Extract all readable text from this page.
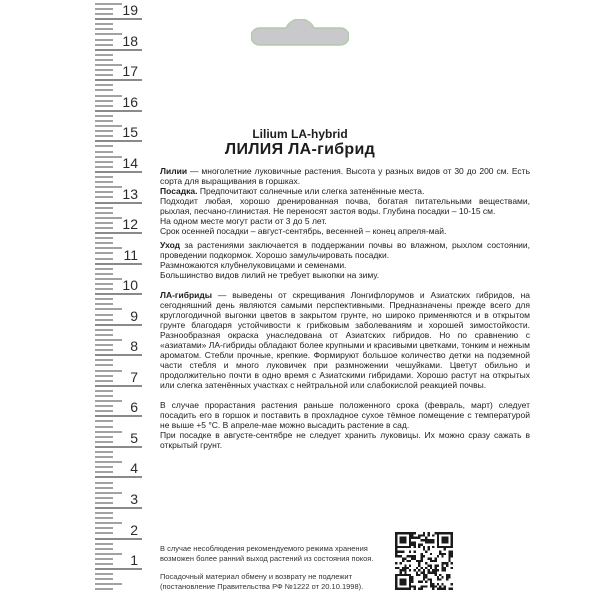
19
18
17
16
15
14
13
12
11
10
9
8
7
6
5
4
3
2
1
Lilium LA-hybrid
ЛИЛИЯ ЛА-гибрид
Лилии — многолетние луковичные растения. Высота у разных видов от 30 до 200 см. Есть сорта для выращивания в горшках.
Посадка. Предпочитают солнечные или слегка затенённые места.
Подходит любая, хорошо дренированная почва, богатая питательными веществами, рыхлая, песчано-глинистая. Не переносят застоя воды. Глубина посадки – 10-15 см.
На одном месте могут расти от 3 до 5 лет.
Срок осенней посадки – август-сентябрь, весенней – конец апреля-май.
Уход за растениями заключается в поддержании почвы во влажном, рыхлом состоянии, проведении подкормок. Хорошо замульчировать посадки.
Размножаются клубнелуковицами и семенами.
Большинство видов лилий не требует выкопки на зиму.
ЛА-гибриды — выведены от скрещивания Лонгифлорумов и Азиатских гибридов, на сегодняшний день являются самыми перспективными. Предназначены прежде всего для круглогодичной выгонки цветов в закрытом грунте, но широко применяются и в открытом грунте благодаря устойчивости к грибковым заболеваниям и хорошей зимостойкости. Разнообразная окраска унаследована от Азиатских гибридов. Но по сравнению с «азиатами» ЛА-гибриды обладают более крупными и красивыми цветками, тонким и нежным ароматом. Стебли прочные, крепкие. Формируют большое количество детки на подземной части стебля и много луковичек при размножении чешуйками. Цветут обильно и продолжительно почти в одно время с Азиатскими гибридами. Хорошо растут на открытых или слегка затенённых участках с нейтральной или слабокислой реакцией почвы.
В случае прорастания растения раньше положенного срока (февраль, март) следует посадить его в горшок и поставить в прохладное сухое тёмное помещение с температурой не выше +5 °С. В апреле-мае можно высадить растение в сад.
При посадке в августе-сентябре не следует хранить луковицы. Их можно сразу сажать в открытый грунт.
В случае несоблюдения рекомендуемого режима хранения
возможен более ранний выход растений из состояния покоя.
Посадочный материал обмену и возврату не подлежит
(постановление Правительства РФ №1222 от 20.10.1998).
